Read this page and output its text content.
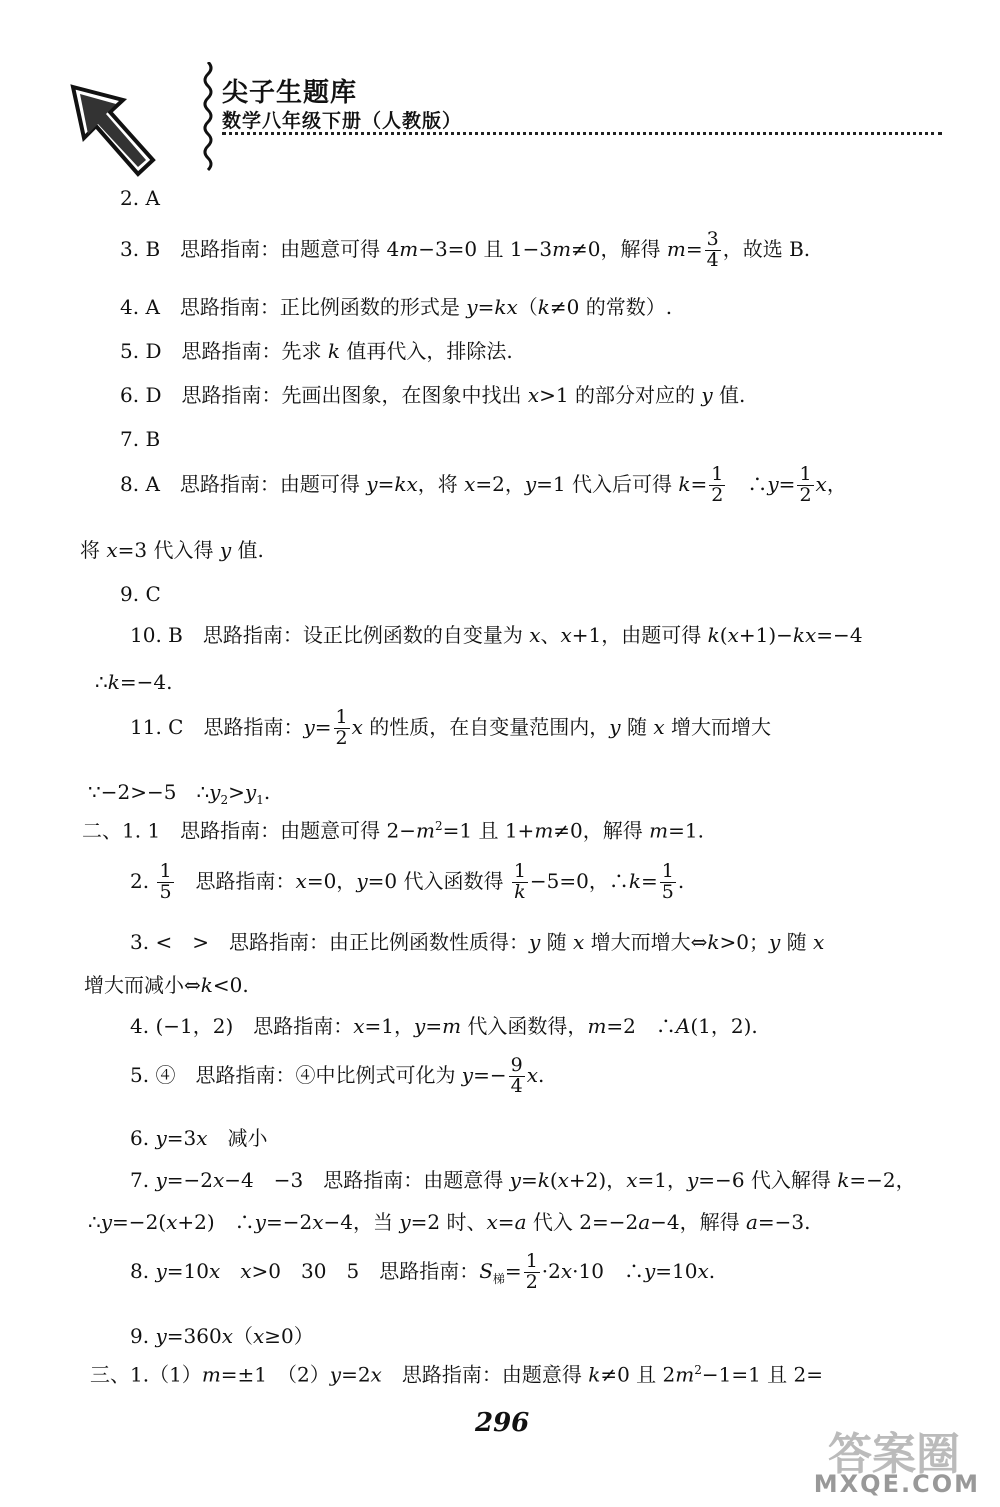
尖子生题库
数学八年级下册（人教版）
2. A
3. B　思路指南：由题意可得 4m−3=0 且 1−3m≠0，解得 $m= \frac{3}{4}$ ，故选 B.
4. A　思路指南：正比例函数的形式是 y=kx（k≠0 的常数）.
5. D　思路指南：先求 k 值再代入，排除法.
6. D　思路指南：先画出图象，在图象中找出 x>1 的部分对应的 y 值.
7. B
8. A　思路指南：由题可得 y=kx，将 x=2，y=1 代入后可得 $k= \frac{1}{2}$ 　∴y= $\frac{1}{2}$ x，
将 x=3 代入得 y 值.
9. C
10. B　思路指南：设正比例函数的自变量为 x、x+1，由题可得 k(x+1)−kx=−4
∴k=−4.
11. C　思路指南：$y= \frac{1}{2}$ x 的性质，在自变量范围内，y 随 x 增大而增大
∵−2>−5　$\therefore y_2>y_1$.
二、1. 1　思路指南：由题意可得 $2-m^2=1$ 且 1+m≠0，解得 m=1.
2. $\frac{1}{5}$ 　思路指南：x=0，y=0 代入函数得 $\frac{1}{k} -5=0$，∴k= $\frac{1}{5}$ .
3. <　>　思路指南：由正比例函数性质得：y 随 x 增大而增大⇔k>0；y 随 x
增大而减小⇔k<0.
4. (−1，2)　思路指南：x=1，y=m 代入函数得，m=2　∴A(1，2).
5. ④　思路指南：④中比例式可化为 $y=- \frac{9}{4} x$.
6. y=3x　减小
7. y=−2x−4　−3　思路指南：由题意得 y=k(x+2)，x=1，y=−6 代入解得 k=−2，
∴y=−2(x+2)　∴y=−2x−4，当 y=2 时、x=a 代入 2=−2a−4，解得 a=−3.
8. y=10x　 x>0　30　5　思路指南：$S_梯= \frac{1}{2} \cdot 2x\cdot 10$　∴y=10x.
9. y=360x（x≥0）
三、1.（1）m=±1　（2）y=2x　思路指南：由题意得 k≠0 且 $2m^2-1=1$ 且 2=
296
答案圈
MXQE.COM
